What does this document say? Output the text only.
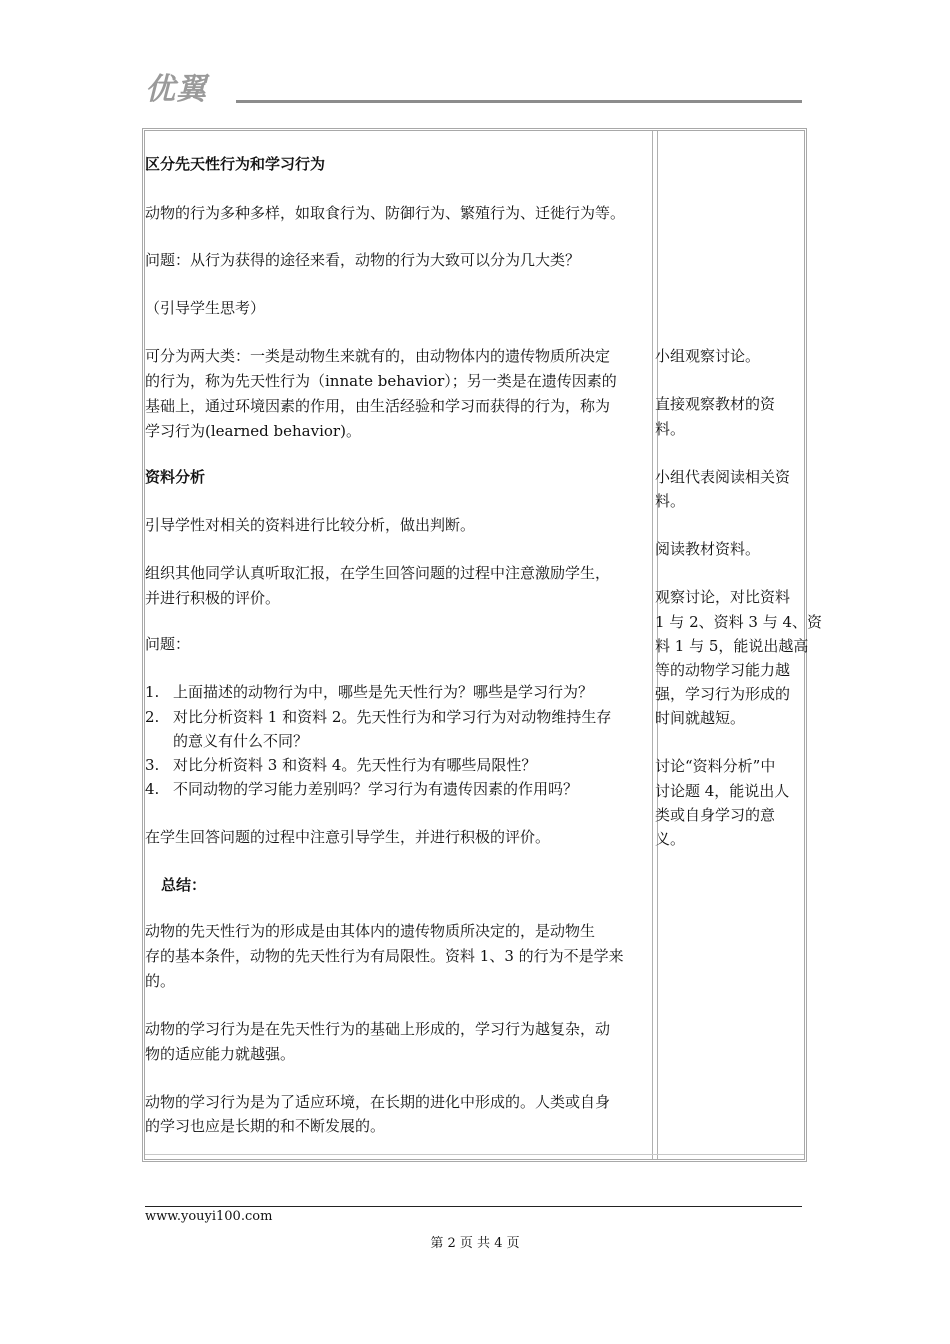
优翼
区分先天性行为和学习行为
动物的行为多种多样，如取食行为、防御行为、繁殖行为、迁徙行为等。
问题：从行为获得的途径来看，动物的行为大致可以分为几大类？
（引导学生思考）
可分为两大类：一类是动物生来就有的，由动物体内的遗传物质所决定
的行为，称为先天性行为（innate behavior）；另一类是在遗传因素的
基础上，通过环境因素的作用，由生活经验和学习而获得的行为，称为
学习行为(learned behavior)。
资料分析
引导学性对相关的资料进行比较分析，做出判断。
组织其他同学认真听取汇报，在学生回答问题的过程中注意激励学生，
并进行积极的评价。
问题：
1. 上面描述的动物行为中，哪些是先天性行为？哪些是学习行为？
2. 对比分析资料 1 和资料 2。先天性行为和学习行为对动物维持生存
的意义有什么不同？
3. 对比分析资料 3 和资料 4。先天性行为有哪些局限性？
4. 不同动物的学习能力差别吗？学习行为有遗传因素的作用吗？
在学生回答问题的过程中注意引导学生，并进行积极的评价。
总结：
动物的先天性行为的形成是由其体内的遗传物质所决定的，是动物生
存的基本条件，动物的先天性行为有局限性。资料 1、3 的行为不是学来
的。
动物的学习行为是在先天性行为的基础上形成的，学习行为越复杂，动
物的适应能力就越强。
动物的学习行为是为了适应环境，在长期的进化中形成的。人类或自身
的学习也应是长期的和不断发展的。
小组观察讨论。
直接观察教材的资
料。
小组代表阅读相关资
料。
阅读教材资料。
观察讨论，对比资料
1 与 2、资料 3 与 4、资
料 1 与 5，能说出越高
等的动物学习能力越
强，学习行为形成的
时间就越短。
讨论“资料分析”中
讨论题 4，能说出人
类或自身学习的意
义。
www.youyi100.com
第 2 页 共 4 页
